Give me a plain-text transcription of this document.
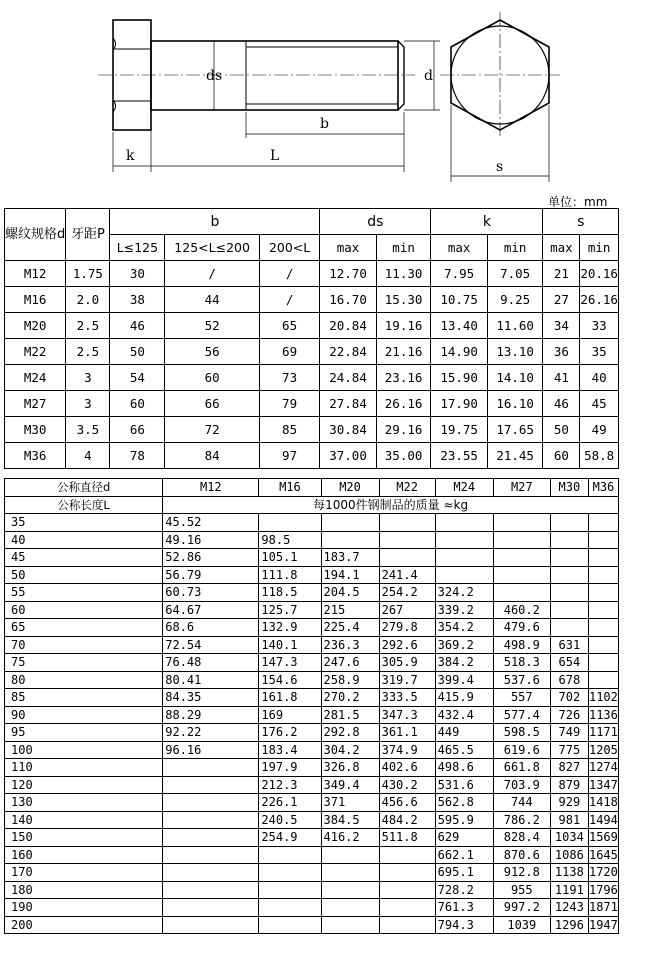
ds	d
b
k	L
s
单位：mm
螺纹规格d	牙距P	b			ds		k		s	
		L≤125	125<L≤200	200<L	max	min	max	min	max	min
M12	1.75	30	/	/	12.70	11.30	7.95	7.05	21	20.16
M16	2.0	38	44	/	16.70	15.30	10.75	9.25	27	26.16
M20	2.5	46	52	65	20.84	19.16	13.40	11.60	34	33
M22	2.5	50	56	69	22.84	21.16	14.90	13.10	36	35
M24	3	54	60	73	24.84	23.16	15.90	14.10	41	40
M27	3	60	66	79	27.84	26.16	17.90	16.10	46	45
M30	3.5	66	72	85	30.84	29.16	19.75	17.65	50	49
M36	4	78	84	97	37.00	35.00	23.55	21.45	60	58.8
公称直径d	M12	M16	M20	M22	M24	M27	M30	M36
公称长度L	每1000件钢制品的质量 ≈kg							
35	45.52							
40	49.16	98.5						
45	52.86	105.1	183.7					
50	56.79	111.8	194.1	241.4				
55	60.73	118.5	204.5	254.2	324.2			
60	64.67	125.7	215	267	339.2	460.2		
65	68.6	132.9	225.4	279.8	354.2	479.6		
70	72.54	140.1	236.3	292.6	369.2	498.9	631	
75	76.48	147.3	247.6	305.9	384.2	518.3	654	
80	80.41	154.6	258.9	319.7	399.4	537.6	678	
85	84.35	161.8	270.2	333.5	415.9	557	702	1102
90	88.29	169	281.5	347.3	432.4	577.4	726	1136
95	92.22	176.2	292.8	361.1	449	598.5	749	1171
100	96.16	183.4	304.2	374.9	465.5	619.6	775	1205
110		197.9	326.8	402.6	498.6	661.8	827	1274
120		212.3	349.4	430.2	531.6	703.9	879	1347
130		226.1	371	456.6	562.8	744	929	1418
140		240.5	384.5	484.2	595.9	786.2	981	1494
150		254.9	416.2	511.8	629	828.4	1034	1569
160					662.1	870.6	1086	1645
170					695.1	912.8	1138	1720
180					728.2	955	1191	1796
190					761.3	997.2	1243	1871
200					794.3	1039	1296	1947
